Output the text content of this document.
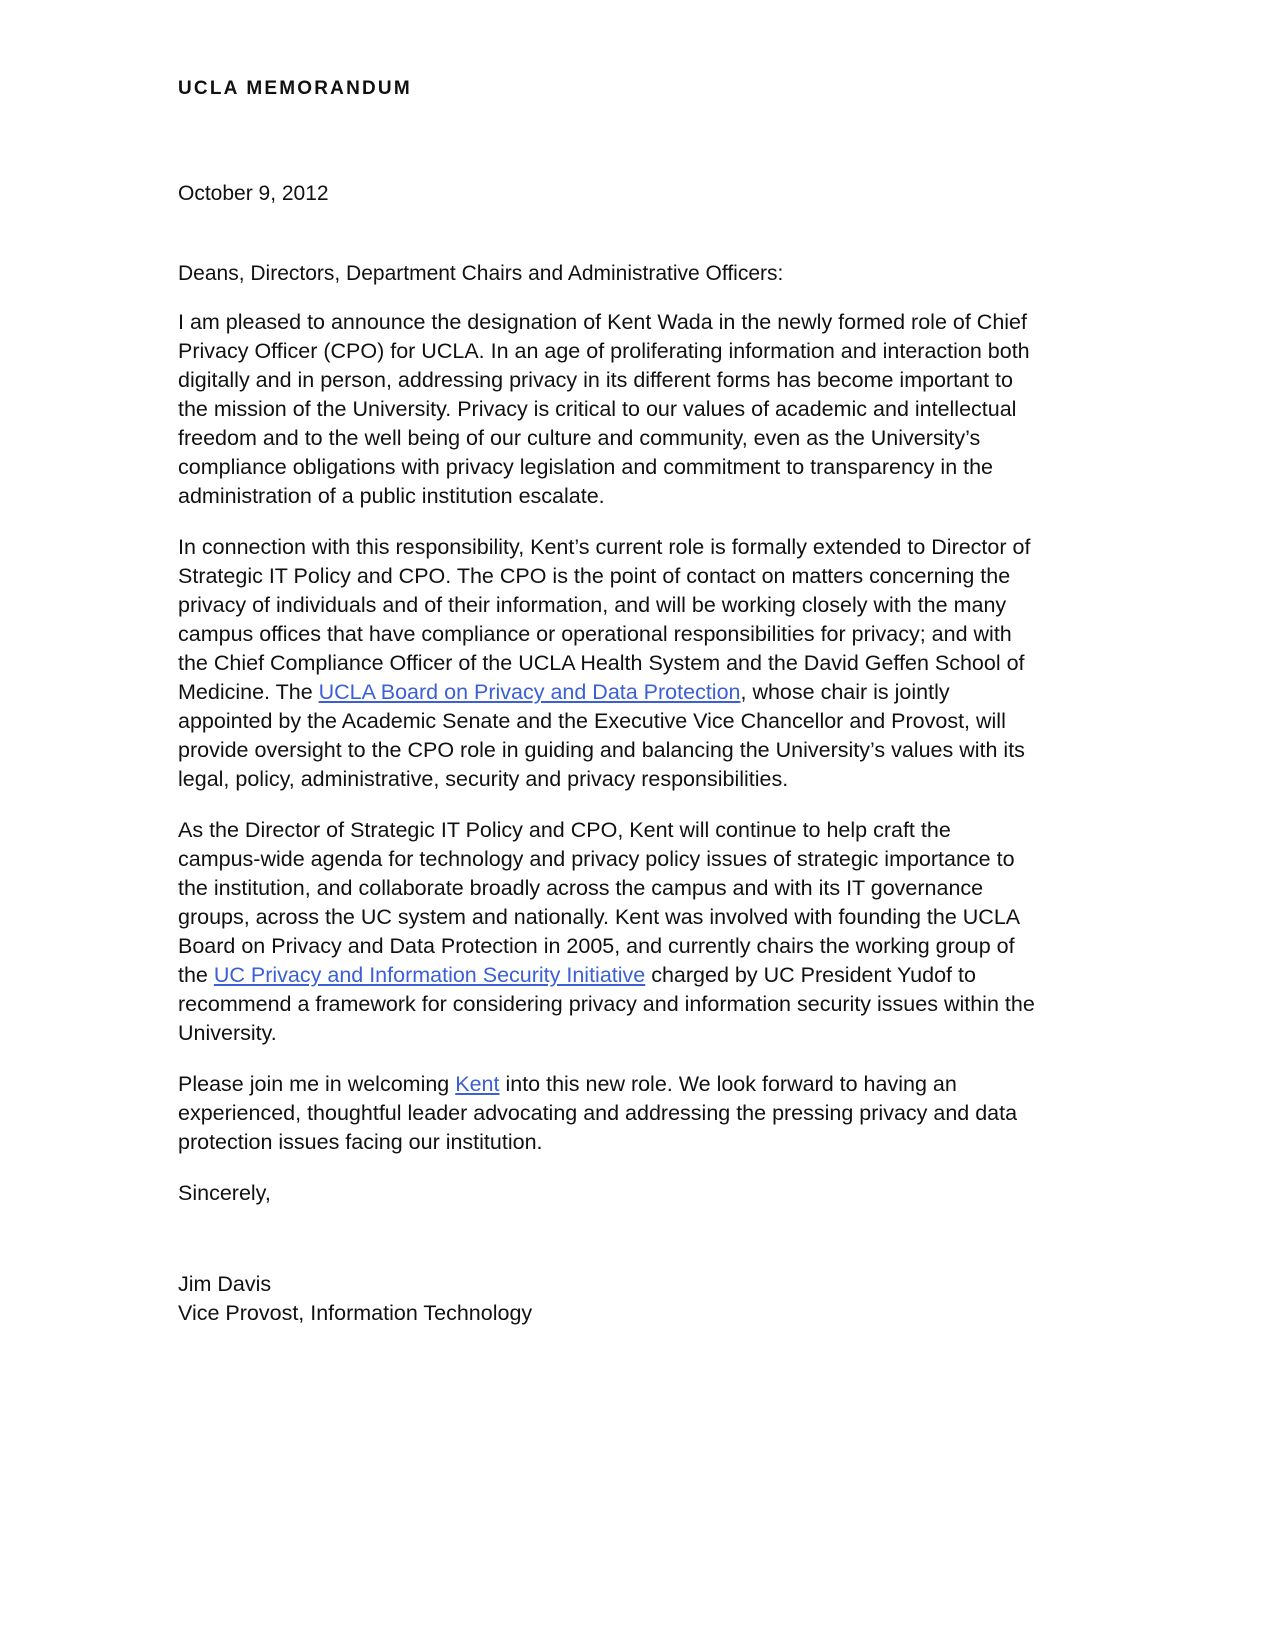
UCLA MEMORANDUM
October 9, 2012
Deans, Directors, Department Chairs and Administrative Officers:

I am pleased to announce the designation of Kent Wada in the newly formed role of Chief Privacy Officer (CPO) for UCLA. In an age of proliferating information and interaction both digitally and in person, addressing privacy in its different forms has become important to the mission of the University. Privacy is critical to our values of academic and intellectual freedom and to the well being of our culture and community, even as the University’s compliance obligations with privacy legislation and commitment to transparency in the administration of a public institution escalate.

In connection with this responsibility, Kent’s current role is formally extended to Director of Strategic IT Policy and CPO. The CPO is the point of contact on matters concerning the privacy of individuals and of their information, and will be working closely with the many campus offices that have compliance or operational responsibilities for privacy; and with the Chief Compliance Officer of the UCLA Health System and the David Geffen School of Medicine. The UCLA Board on Privacy and Data Protection, whose chair is jointly appointed by the Academic Senate and the Executive Vice Chancellor and Provost, will provide oversight to the CPO role in guiding and balancing the University’s values with its legal, policy, administrative, security and privacy responsibilities.

As the Director of Strategic IT Policy and CPO, Kent will continue to help craft the campus-wide agenda for technology and privacy policy issues of strategic importance to the institution, and collaborate broadly across the campus and with its IT governance groups, across the UC system and nationally. Kent was involved with founding the UCLA Board on Privacy and Data Protection in 2005, and currently chairs the working group of the UC Privacy and Information Security Initiative charged by UC President Yudof to recommend a framework for considering privacy and information security issues within the University.

Please join me in welcoming Kent into this new role. We look forward to having an experienced, thoughtful leader advocating and addressing the pressing privacy and data protection issues facing our institution.

Sincerely,

Jim Davis
Vice Provost, Information Technology
